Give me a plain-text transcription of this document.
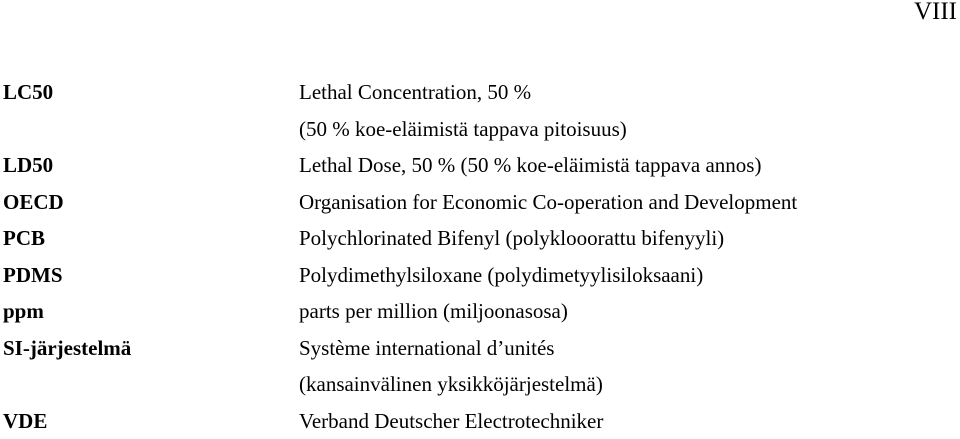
VIII
LC50	Lethal Concentration, 50 %
(50 % koe-eläimistä tappava pitoisuus)
LD50	Lethal Dose, 50 % (50 % koe-eläimistä tappava annos)
OECD	Organisation for Economic Co-operation and Development
PCB	Polychlorinated Bifenyl (polyklooorattu bifenyyli)
PDMS	Polydimethylsiloxane (polydimetyylisiloksaani)
ppm	parts per million (miljoonasosa)
SI-järjestelmä	Système international d’unités
(kansainvälinen yksikköjärjestelmä)
VDE	Verband Deutscher Electrotechniker
